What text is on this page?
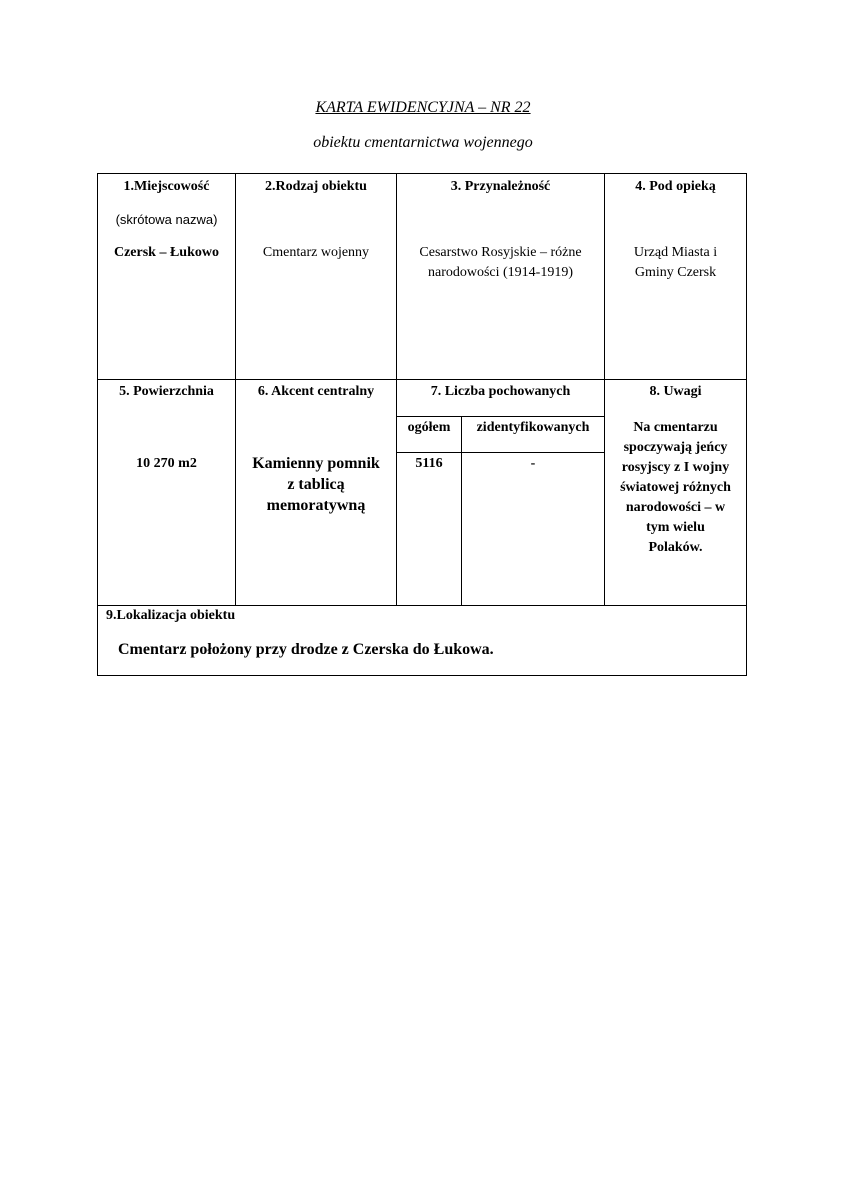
KARTA EWIDENCYJNA – NR 22
obiektu cmentarnictwa wojennego
1.Miejscowość
(skrótowa nazwa)
Czersk – Łukowo
2.Rodzaj obiektu
Cmentarz wojenny
3. Przynależność
Cesarstwo Rosyjskie – różne
narodowości (1914-1919)
4. Pod opieką
Urząd Miasta i
Gminy Czersk
5. Powierzchnia
10 270 m2
6. Akcent centralny
Kamienny pomnik
z tablicą
memoratywną
7. Liczba pochowanych
ogółem	zidentyfikowanych
5116	-
8. Uwagi
Na cmentarzu
spoczywają jeńcy
rosyjscy z I wojny
światowej różnych
narodowości – w
tym wielu
Polaków.
9.Lokalizacja obiektu
Cmentarz położony przy drodze z Czerska do Łukowa.
